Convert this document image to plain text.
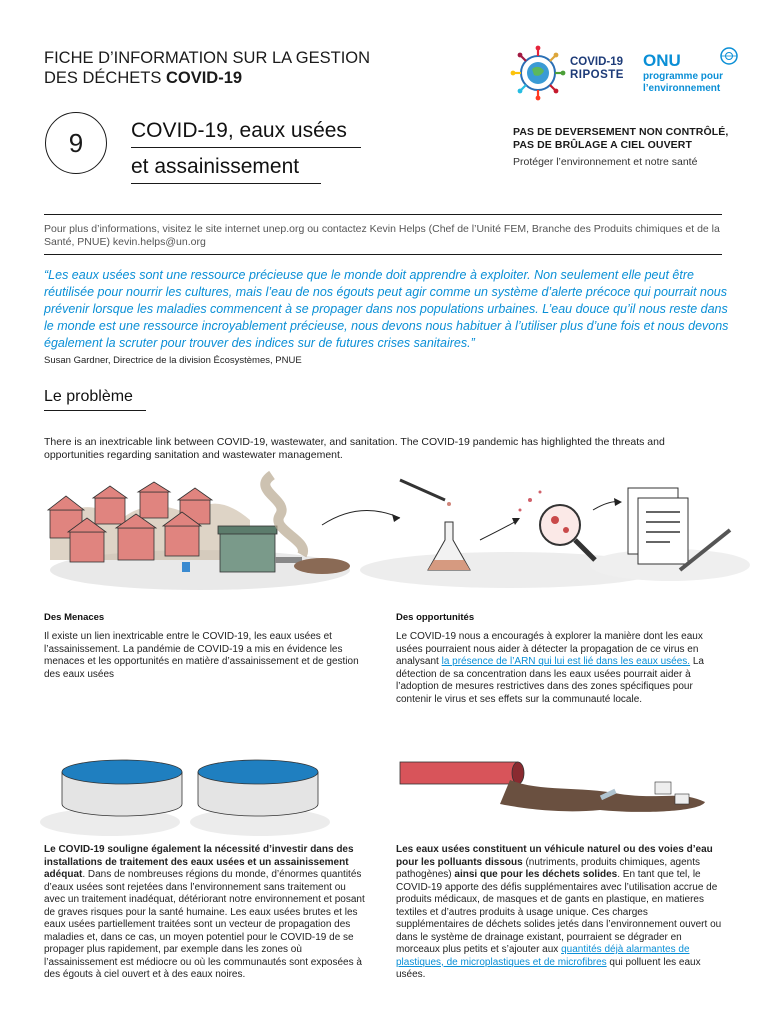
FICHE D’INFORMATION SUR LA GESTION
DES DÉCHETS COVID-19
COVID-19
RIPOSTE
ONU
programme pour
l’environnement
9	COVID-19, eaux usées
et assainissement
PAS DE DEVERSEMENT NON CONTRÔLÉ,
PAS DE BRÛLAGE A CIEL OUVERT
Protéger l’environnement et notre santé
Pour plus d’informations, visitez le site internet unep.org ou contactez Kevin Helps (Chef de l’Unité FEM, Branche des Produits chimiques et de la Santé, PNUE) kevin.helps@un.org
“Les eaux usées sont une ressource précieuse que le monde doit apprendre à exploiter. Non seulement elle peut être réutilisée pour nourrir les cultures, mais l’eau de nos égouts peut agir comme un système d’alerte précoce qui pourrait nous prévenir lorsque les maladies commencent à se propager dans nos populations urbaines. L’eau douce qu’il nous reste dans le monde est une ressource incroyablement précieuse, nous devons nous habituer à l’utiliser plus d’une fois et nous devons également la scruter pour trouver des indices sur de futures crises sanitaires.”
Susan Gardner, Directrice de la division Écosystèmes, PNUE
Le problème
There is an inextricable link between COVID-19, wastewater, and sanitation. The COVID-19 pandemic has highlighted the threats and opportunities regarding sanitation and wastewater management.
Des Menaces
Il existe un lien inextricable entre le COVID-19, les eaux usées et l’assainissement. La pandémie de COVID-19 a mis en évidence les menaces et les opportunités en matière d’assainissement et de gestion des eaux usées
Des opportunités
Le COVID-19 nous a encouragés à explorer la manière dont les eaux usées pourraient nous aider à détecter la propagation de ce virus en analysant la présence de l’ARN qui lui est lié dans les eaux usées. La détection de sa concentration dans les eaux usées pourrait aider à l’adoption de mesures restrictives dans des zones spécifiques pour contenir le virus et ses effets sur la communauté locale.
Le COVID-19 souligne également la nécessité d’investir dans des installations de traitement des eaux usées et un assainissement adéquat. Dans de nombreuses régions du monde, d’énormes quantités d’eaux usées sont rejetées dans l’environnement sans traitement ou avec un traitement inadéquat, détériorant notre environnement et posant de graves risques pour la santé humaine. Les eaux usées brutes et les eaux usées partiellement traitées sont un vecteur de propagation des maladies et, dans ce cas, un moyen potentiel pour le COVID-19 de se propager plus rapidement, par exemple dans les zones où l’assainissement est médiocre ou où les communautés sont exposées à des égouts à ciel ouvert et à des eaux noires.
Les eaux usées constituent un véhicule naturel ou des voies d’eau pour les polluants dissous (nutriments, produits chimiques, agents pathogènes) ainsi que pour les déchets solides. En tant que tel, le COVID-19 apporte des défis supplémentaires avec l’utilisation accrue de produits médicaux, de masques et de gants en plastique, en matieres textiles et d’autres produits à usage unique. Ces charges supplémentaires de déchets solides jetés dans l’environnement ouvert ou dans le système de drainage existant, pourraient se dégrader en morceaux plus petits et s’ajouter aux quantités déjà alarmantes de plastiques, de microplastiques et de microfibres qui polluent les eaux usées.
